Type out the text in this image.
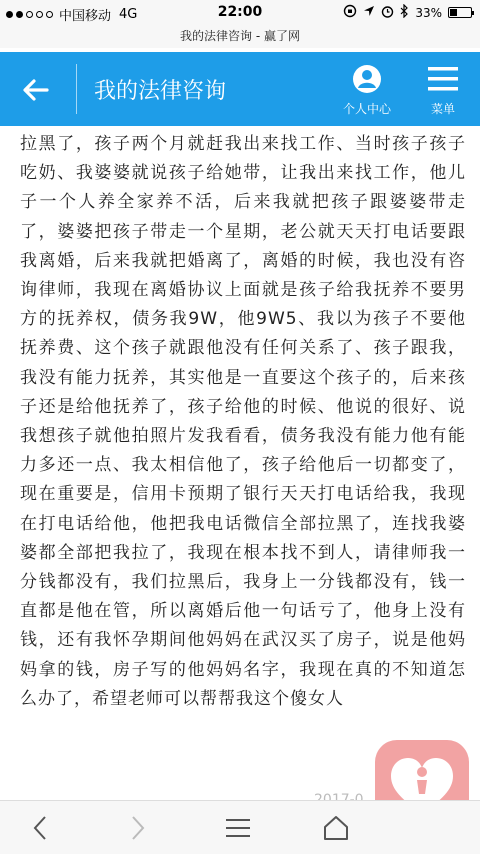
中国移动 4G	22:00	33%
我的法律咨询 - 赢了网
我的法律咨询
个人中心	菜单
拉黑了，孩子两个月就赶我出来找工作、当时孩子孩子吃奶、我婆婆就说孩子给她带，让我出来找工作，他儿子一个人养全家养不活，后来我就把孩子跟婆婆带走了，婆婆把孩子带走一个星期，老公就天天打电话要跟我离婚，后来我就把婚离了，离婚的时候，我也没有咨询律师，我现在离婚协议上面就是孩子给我抚养不要男方的抚养权，债务我9W，他9W5、我以为孩子不要他抚养费、这个孩子就跟他没有任何关系了、孩子跟我，我没有能力抚养，其实他是一直要这个孩子的，后来孩子还是给他抚养了，孩子给他的时候、他说的很好、说我想孩子就他拍照片发我看看，债务我没有能力他有能力多还一点、我太相信他了，孩子给他后一切都变了，现在重要是，信用卡预期了银行天天打电话给我，我现在打电话给他，他把我电话微信全部拉黑了，连找我婆婆都全部把我拉了，我现在根本找不到人，请律师我一分钱都没有，我们拉黑后，我身上一分钱都没有，钱一直都是他在管，所以离婚后他一句话亏了，他身上没有钱，还有我怀孕期间他妈妈在武汉买了房子，说是他妈妈拿的钱，房子写的他妈妈名字，我现在真的不知道怎么办了，希望老师可以帮帮我这个傻女人
